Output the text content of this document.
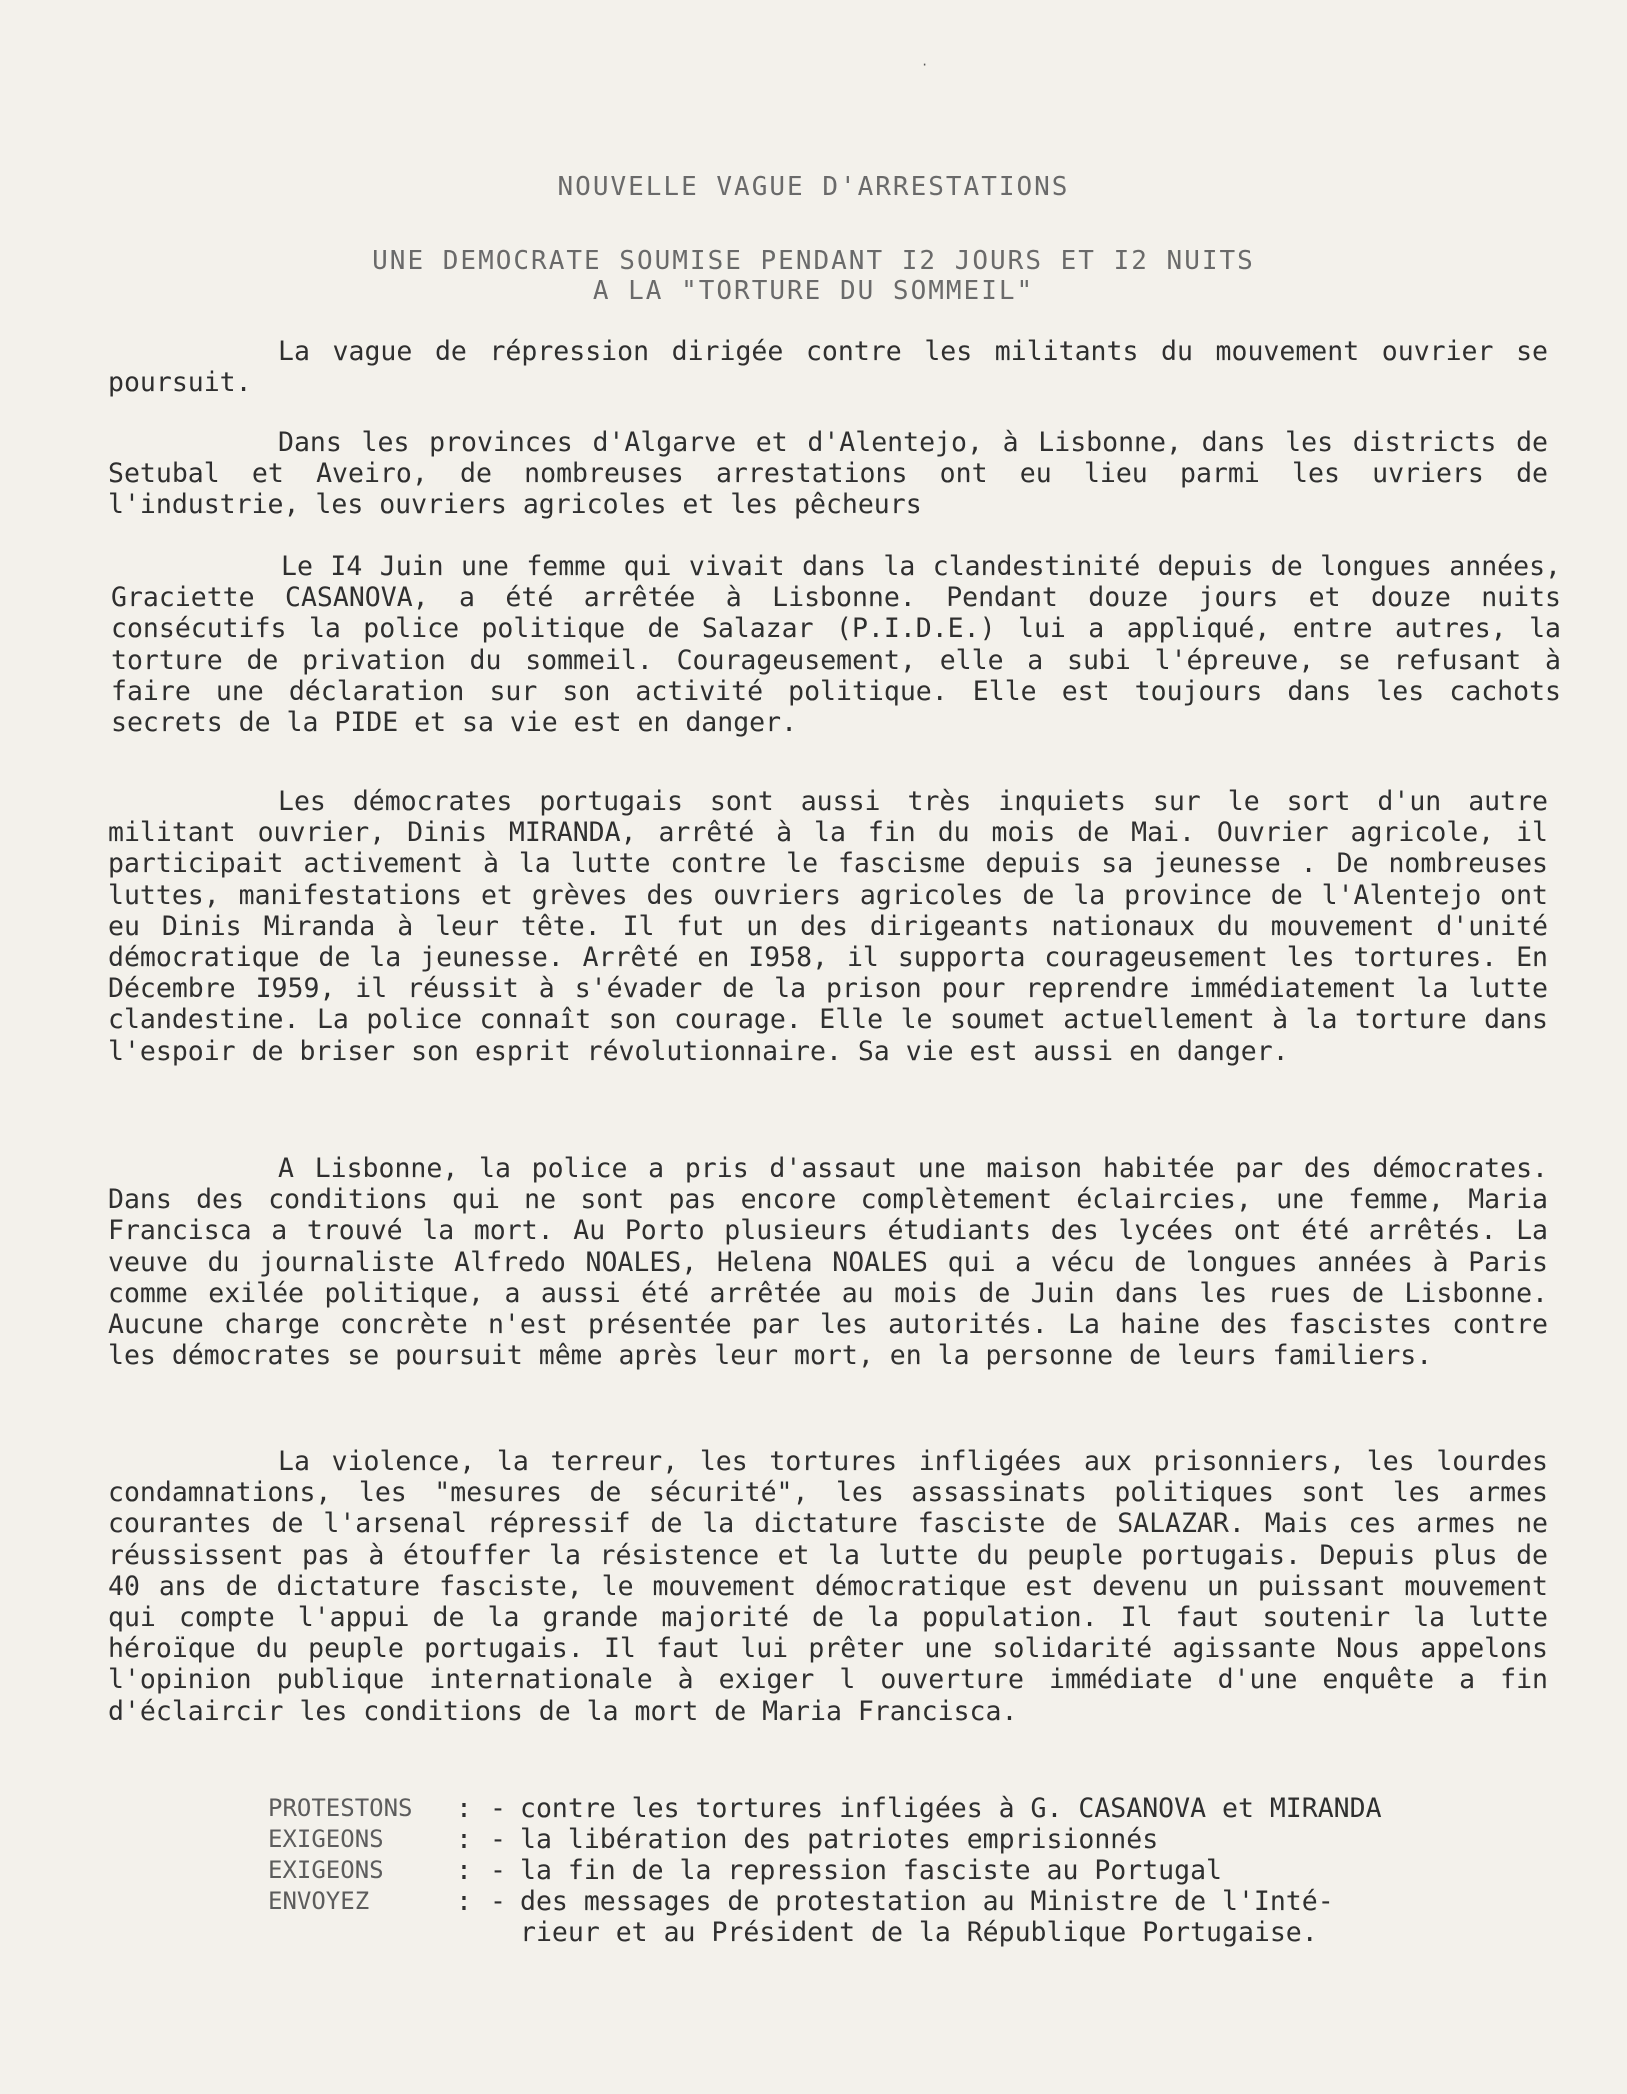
·
NOUVELLE VAGUE D'ARRESTATIONS
UNE DEMOCRATE SOUMISE PENDANT I2 JOURS ET I2 NUITS
A LA "TORTURE DU SOMMEIL"

La vague de répression dirigée contre les militants du mouvement ouvrier se poursuit.

Dans les provinces d'Algarve et d'Alentejo, à Lisbonne, dans les districts de Setubal et Aveiro, de nombreuses arrestations ont eu lieu parmi les uvriers de l'industrie, les ouvriers agricoles et les pêcheurs

Le I4 Juin une femme qui vivait dans la clandestinité depuis de longues années, Graciette CASANOVA, a été arrêtée à Lisbonne. Pendant douze jours et douze nuits consécutifs la police politique de Salazar (P.I.D.E.) lui a appliqué, entre autres, la torture de privation du sommeil. Courageusement, elle a subi l'épreuve, se refusant à faire une déclaration sur son activité politique. Elle est toujours dans les cachots secrets de la PIDE et sa vie est en danger.

Les démocrates portugais sont aussi très inquiets sur le sort d'un autre militant ouvrier, Dinis MIRANDA, arrêté à la fin du mois de Mai. Ouvrier agricole, il participait activement à la lutte contre le fascisme depuis sa jeunesse . De nombreuses luttes, manifestations et grèves des ouvriers agricoles de la province de l'Alentejo ont eu Dinis Miranda à leur tête. Il fut un des dirigeants nationaux du mouvement d'unité démocratique de la jeunesse. Arrêté en I958, il supporta courageusement les tortures. En Décembre I959, il réussit à s'évader de la prison pour reprendre immédiatement la lutte clandestine. La police connaît son courage. Elle le soumet actuellement à la torture dans l'espoir de briser son esprit révolutionnaire. Sa vie est aussi en danger.

A Lisbonne, la police a pris d'assaut une maison habitée par des démocrates. Dans des conditions qui ne sont pas encore complètement éclaircies, une femme, Maria Francisca a trouvé la mort. Au Porto plusieurs étudiants des lycées ont été arrêtés. La veuve du journaliste Alfredo NOALES, Helena NOALES qui a vécu de longues années à Paris comme exilée politique, a aussi été arrêtée au mois de Juin dans les rues de Lisbonne. Aucune charge concrète n'est présentée par les autorités. La haine des fascistes contre les démocrates se poursuit même après leur mort, en la personne de leurs familiers.

La violence, la terreur, les tortures infligées aux prisonniers, les lourdes condamnations, les "mesures de sécurité", les assassinats politiques sont les armes courantes de l'arsenal répressif de la dictature fasciste de SALAZAR. Mais ces armes ne réussissent pas à étouffer la résistence et la lutte du peuple portugais. Depuis plus de 40 ans de dictature fasciste, le mouvement démocratique est devenu un puissant mouvement qui compte l'appui de la grande majorité de la population. Il faut soutenir la lutte héroïque du peuple portugais. Il faut lui prêter une solidarité agissante Nous appelons l'opinion publique internationale à exiger l ouverture immédiate d'une enquête a fin d'éclaircir les conditions de la mort de Maria Francisca.

PROTESTONS	: - contre les tortures infligées à G. CASANOVA et MIRANDA
EXIGEONS	: - la libération des patriotes emprisionnés
EXIGEONS	: - la fin de la repression fasciste au Portugal
ENVOYEZ	: - des messages de protestation au Ministre de l'Inté-
rieur et au Président de la République Portugaise.
